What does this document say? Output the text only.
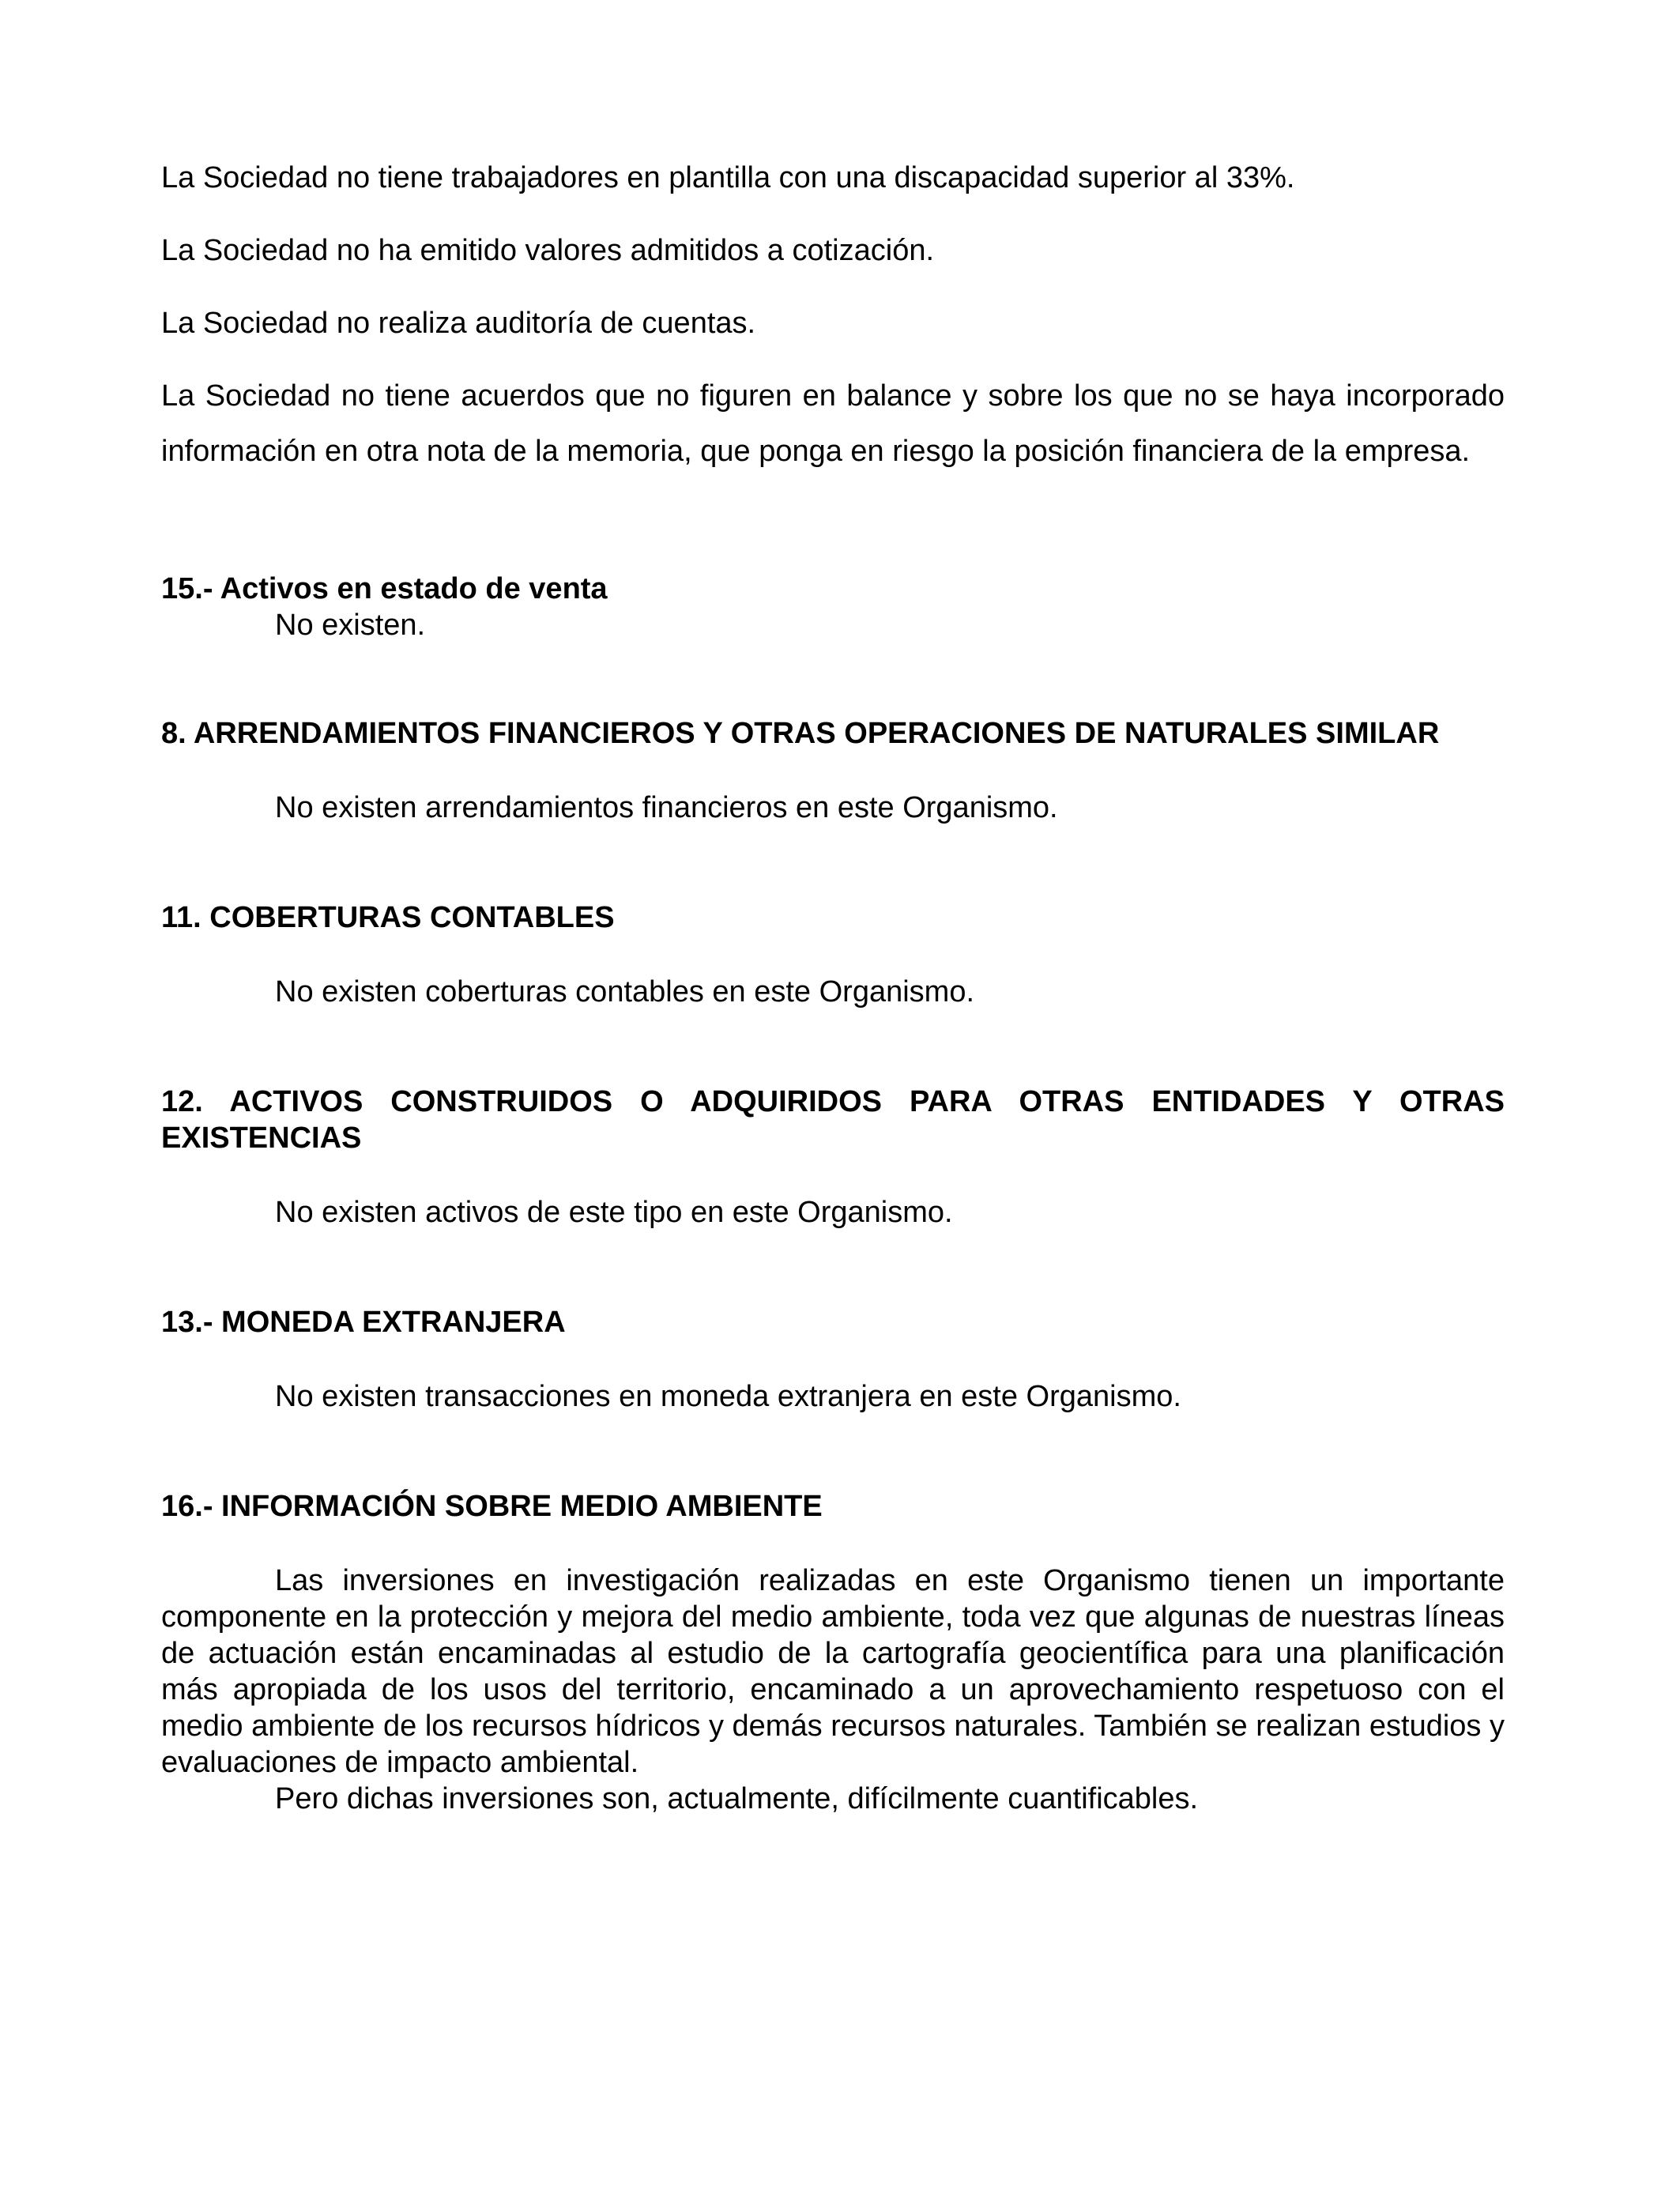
La Sociedad no tiene trabajadores en plantilla con una discapacidad superior al 33%.

La Sociedad no ha emitido valores admitidos a cotización.

La Sociedad no realiza auditoría de cuentas.

La Sociedad no tiene acuerdos que no figuren en balance y sobre los que no se haya incorporado información en otra nota de la memoria, que ponga en riesgo la posición financiera de la empresa.

15.- Activos en estado de venta

No existen.

8. ARRENDAMIENTOS FINANCIEROS Y OTRAS OPERACIONES DE NATURALES SIMILAR

No existen arrendamientos financieros en este Organismo.

11. COBERTURAS CONTABLES

No existen coberturas contables en este Organismo.

12. ACTIVOS CONSTRUIDOS O ADQUIRIDOS PARA OTRAS ENTIDADES Y OTRAS EXISTENCIAS

No existen activos de este tipo en este Organismo.

13.- MONEDA EXTRANJERA

No existen transacciones en moneda extranjera en este Organismo.

16.- INFORMACIÓN SOBRE MEDIO AMBIENTE

Las inversiones en investigación realizadas en este Organismo tienen un importante componente en la protección y mejora del medio ambiente, toda vez que algunas de nuestras líneas de actuación están encaminadas al estudio de la cartografía geocientífica para una planificación más apropiada de los usos del territorio, encaminado a un aprovechamiento respetuoso con el medio ambiente de los recursos hídricos y demás recursos naturales. También se realizan estudios y evaluaciones de impacto ambiental.

Pero dichas inversiones son, actualmente, difícilmente cuantificables.
